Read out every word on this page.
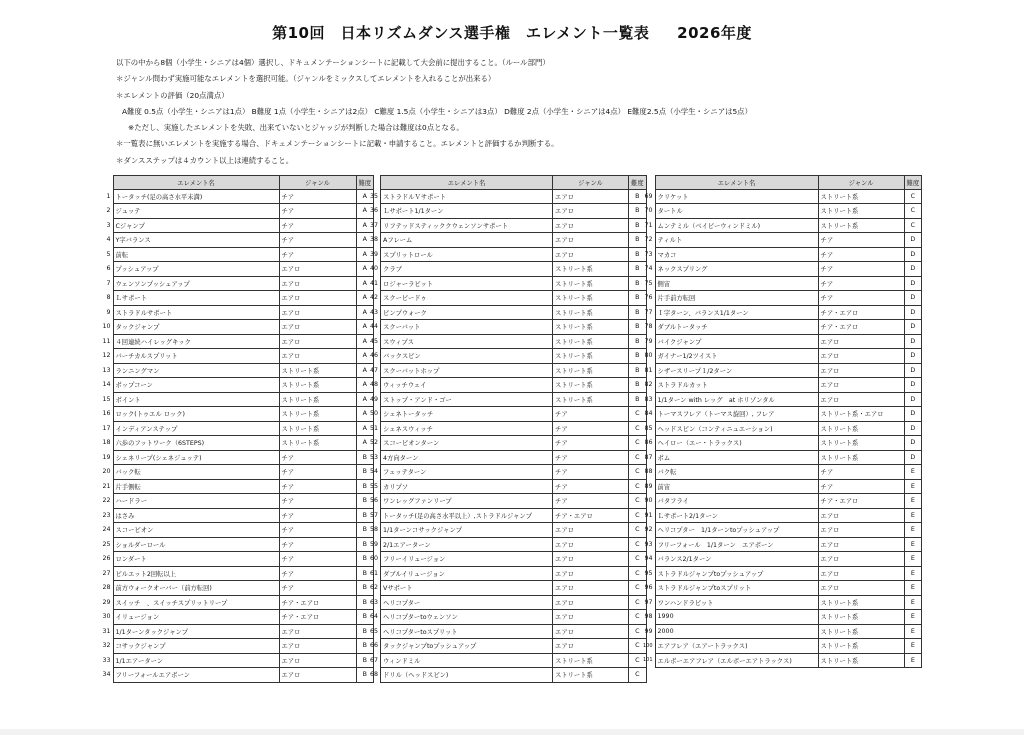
第10回　日本リズムダンス選手権　エレメント一覧表 2026年度
以下の中から8個（小学生・シニアは4個）選択し、ドキュメンテーションシートに記載して大会前に提出すること。（ルール部門）
＊ジャンル問わず実施可能なエレメントを選択可能。（ジャンルをミックスしてエレメントを入れることが出来る）
＊エレメントの評価（20点満点）
A難度 0.5点（小学生・シニアは1点） B難度 1点（小学生・シニアは2点） C難度 1.5点（小学生・シニアは3点） D難度 2点（小学生・シニアは4点） E難度2.5点（小学生・シニアは5点）
※ただし、実施したエレメントを失敗、出来ていないとジャッジが判断した場合は難度は0点となる。
＊一覧表に無いエレメントを実施する場合、ドキュメンテーションシートに記載・申請すること。エレメントと評価するか判断する。
＊ダンスステップは４カウント以上は連続すること。
	エレメント名	ジャンル	難度
1	トータッチ(足の高さ水平未満)	チア	A
2	ジュッテ	チア	A
3	Cジャンプ	チア	A
4	Y字バランス	チア	A
5	前転	チア	A
6	プッシュアップ	エアロ	A
7	ウェンソンプッシュアップ	エアロ	A
8	Ｌサポート	エアロ	A
9	ストラドルサポート	エアロ	A
10	タックジャンプ	エアロ	A
11	４回連続ハイレッグキック	エアロ	A
12	バーチカルスプリット	エアロ	A
13	ランニングマン	ストリート系	A
14	ポップコーン	ストリート系	A
15	ポイント	ストリート系	A
16	ロック(トゥエル ロック)	ストリート系	A
17	インディアンステップ	ストリート系	A
18	六歩のフットワーク（6STEPS)	ストリート系	A
19	シェネリープ(シェネジュッテ)	チア	B
20	バック転	チア	B
21	片手側転	チア	B
22	ハードラー	チア	B
23	はさみ	チア	B
24	スコーピオン	チア	B
25	ショルダーロール	チア	B
26	ロンダート	チア	B
27	ピルエット2回転以上	チア	B
28	前方ウォークオーバー（前方転回)	チア	B
29	スイッチ　、スイッチスプリットリープ	チア・エアロ	B
30	イリュージョン	チア・エアロ	B
31	1/1ターンタックジャンプ	エアロ	B
32	コサックジャンプ	エアロ	B
33	1/1エアーターン	エアロ	B
34	フリーフォールエアボーン	エアロ	B
	エレメント名	ジャンル	難度
35	ストラドルＶサポート	エアロ	B
36	Ｌサポート1/1ターン	エアロ	B
37	リフテッドスティッククウェンソンサポート	エアロ	B
38	Aフレーム	エアロ	B
39	スプリットロール	エアロ	B
40	クラブ	ストリート系	B
41	ロジャーラビット	ストリート系	B
42	スクービードゥ	ストリート系	B
43	ピンプウォーク	ストリート系	B
44	スクーバット	ストリート系	B
45	スウィプス	ストリート系	B
46	バックスピン	ストリート系	B
47	スクーバットホップ	ストリート系	B
48	ウィッチウェイ	ストリート系	B
49	ストップ・アンド・ゴー	ストリート系	B
50	シェネトータッチ	チア	C
51	シェネスウィッチ	チア	C
52	スコーピオンターン	チア	C
53	4方向ターン	チア	C
54	フェッテターン	チア	C
55	カリプソ	チア	C
56	ワンレッグファンリープ	チア	C
57	トータッチ(足の高さ水平以上）,ストラドルジャンプ	チア・エアロ	C
58	1/1ターンコサックジャンプ	エアロ	C
59	2/1エアーターン	エアロ	C
60	フリーイリュージョン	エアロ	C
61	ダブルイリュージョン	エアロ	C
62	Vサポート	エアロ	C
63	ヘリコプター	エアロ	C
64	ヘリコプターtoウェンソン	エアロ	C
65	ヘリコプターtoスプリット	エアロ	C
66	タックジャンプtoプッシュアップ	エアロ	C
67	ウィンドミル	ストリート系	C
68	ドリル（ヘッドスピン)	ストリート系	C
	エレメント名	ジャンル	難度
69	クリケット	ストリート系	C
70	タートル	ストリート系	C
71	ムンテミル（ベイビーウィンドミル)	ストリート系	C
72	ティルト	チア	D
73	マカコ	チア	D
74	ネックスプリング	チア	D
75	側宙	チア	D
76	片手前方転回	チア	D
77	Ｉ字ターン、バランス1/1ターン	チア・エアロ	D
78	ダブルトータッチ	チア・エアロ	D
79	バイクジャンプ	エアロ	D
80	ガイナー1/2ツイスト	エアロ	D
81	シザースリープ１/2ターン	エアロ	D
82	ストラドルカット	エアロ	D
83	1/1ターン with レッグ　at ホリゾンタル	エアロ	D
84	トーマスフレア（トーマス旋回）, フレア	ストリート系・エアロ	D
85	ヘッドスピン（コンティニュエーション)	ストリート系	D
86	ヘイロー（エー・トラックス)	ストリート系	D
87	ポム	ストリート系	D
88	バク転	チア	E
89	前宙	チア	E
90	バタフライ	チア・エアロ	E
91	Ｌサポート2/1ターン	エアロ	E
92	ヘリコプター　1/1ターンtoプッシュアップ	エアロ	E
93	フリーフォール　1/1ターン　エアボーン	エアロ	E
94	バランス2/1ターン	エアロ	E
95	ストラドルジャンプtoプッシュアップ	エアロ	E
96	ストラドルジャンプtoスプリット	エアロ	E
97	ワンハンドラビット	ストリート系	E
98	1990	ストリート系	E
99	2000	ストリート系	E
100	エアフレア（エアートラックス)	ストリート系	E
101	エルボーエアフレア（エルボーエアトラックス)	ストリート系	E
